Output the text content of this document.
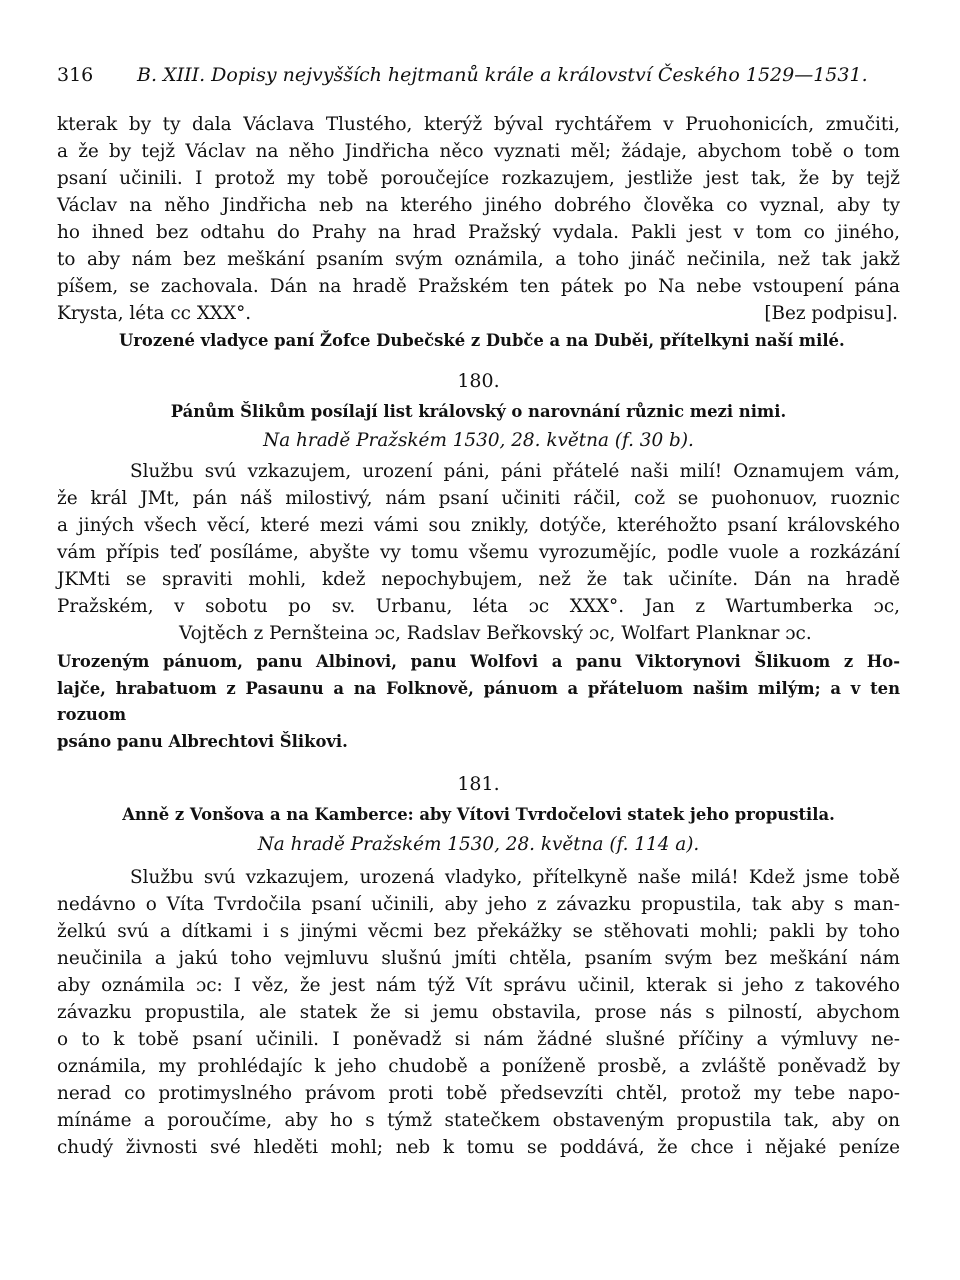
316 B. XIII. Dopisy nejvyšších hejtmanů krále a království Českého 1529—1531.

kterak by ty dala Václava Tlustého, kterýž býval rychtářem v Pruohonicích, zmučiti,

a že by tejž Václav na něho Jindřicha něco vyznati měl; žádaje, abychom tobě o tom

psaní učinili. I protož my tobě poroučejíce rozkazujem, jestliže jest tak, že by tejž

Václav na něho Jindřicha neb na kterého jiného dobrého člověka co vyznal, aby ty

ho ihned bez odtahu do Prahy na hrad Pražský vydala. Pakli jest v tom co jiného,

to aby nám bez meškání psaním svým oznámila, a toho jináč nečinila, než tak jakž

píšem, se zachovala. Dán na hradě Pražském ten pátek po Na nebe vstoupení pána

Krysta, léta cc XXX°.	[Bez podpisu].

Urozené vladyce paní Žofce Dubečské z Dubče a na Duběi, přítelkyni naší milé.

180.

Pánům Šlikům posílají list královský o narovnání různic mezi nimi.

Na hradě Pražském 1530, 28. května (f. 30 b).

Službu svú vzkazujem, urození páni, páni přátelé naši milí! Oznamujem vám,

že král JMt, pán náš milostivý, nám psaní učiniti ráčil, což se puohonuov, ruoznic

a jiných všech věcí, které mezi vámi sou znikly, dotýče, kteréhožto psaní královského

vám přípis teď posíláme, abyšte vy tomu všemu vyrozumějíc, podle vuole a rozkázání

JKMti se spraviti mohli, kdež nepochybujem, než že tak učiníte. Dán na hradě

Pražském, v sobotu po sv. Urbanu, léta ɔc XXX°. Jan z Wartumberka ɔc,

Vojtěch z Pernšteina ɔc, Radslav Beřkovský ɔc, Wolfart Planknar ɔc.

Urozeným pánuom, panu Albinovi, panu Wolfovi a panu Viktorynovi Šlikuom z Ho-

lajče, hrabatuom z Pasaunu a na Folknově, pánuom a přáteluom našim milým; a v ten rozuom

psáno panu Albrechtovi Šlikovi.

181.

Anně z Vonšova a na Kamberce: aby Vítovi Tvrdočelovi statek jeho propustila.

Na hradě Pražském 1530, 28. května (f. 114 a).

Službu svú vzkazujem, urozená vladyko, přítelkyně naše milá! Kdež jsme tobě

nedávno o Víta Tvrdočila psaní učinili, aby jeho z závazku propustila, tak aby s man-

želkú svú a dítkami i s jinými věcmi bez překážky se stěhovati mohli; pakli by toho

neučinila a jakú toho vejmluvu slušnú jmíti chtěla, psaním svým bez meškání nám

aby oznámila ɔc: I věz, že jest nám týž Vít správu učinil, kterak si jeho z takového

závazku propustila, ale statek že si jemu obstavila, prose nás s pilností, abychom

o to k tobě psaní učinili. I poněvadž si nám žádné slušné příčiny a výmluvy ne-

oznámila, my prohlédajíc k jeho chudobě a poníženě prosbě, a zvláště poněvadž by

nerad co protimyslného právom proti tobě předsevzíti chtěl, protož my tebe napo-

mínáme a poroučíme, aby ho s týmž statečkem obstaveným propustila tak, aby on

chudý živnosti své hleděti mohl; neb k tomu se poddává, že chce i nějaké peníze
